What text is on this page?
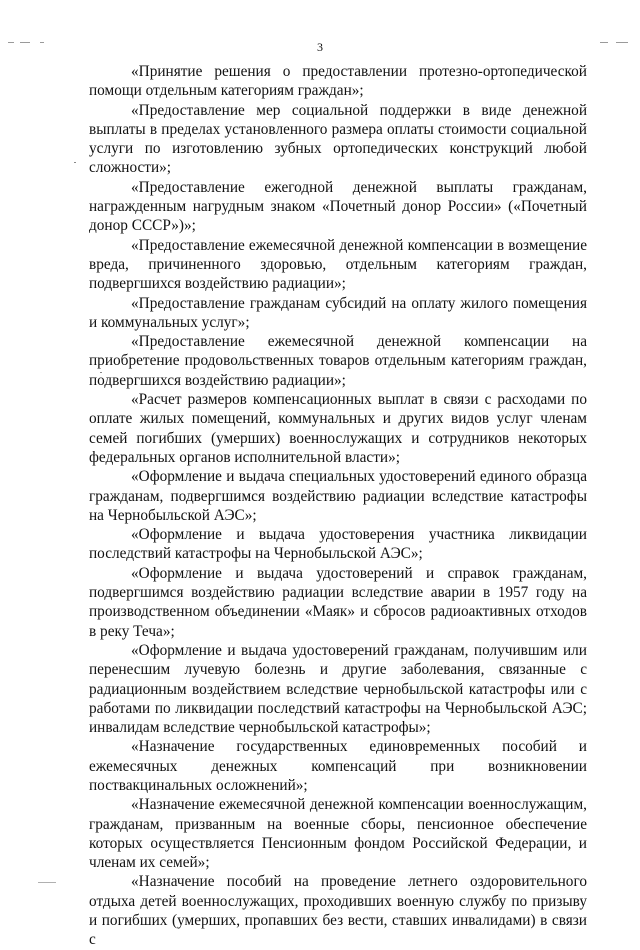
3

«Принятие решения о предоставлении протезно-ортопедической помощи отдельным категориям граждан»;

«Предоставление мер социальной поддержки в виде денежной выплаты в пределах установленного размера оплаты стоимости социальной услуги по изготовлению зубных ортопедических конструкций любой сложности»;

«Предоставление ежегодной денежной выплаты гражданам, награжденным нагрудным знаком «Почетный донор России» («Почетный донор СССР»)»;

«Предоставление ежемесячной денежной компенсации в возмещение вреда, причиненного здоровью, отдельным категориям граждан, подвергшихся воздействию радиации»;

«Предоставление гражданам субсидий на оплату жилого помещения и коммунальных услуг»;

«Предоставление ежемесячной денежной компенсации на приобретение продовольственных товаров отдельным категориям граждан, подвергшихся воздействию радиации»;

«Расчет размеров компенсационных выплат в связи с расходами по оплате жилых помещений, коммунальных и других видов услуг членам семей погибших (умерших) военнослужащих и сотрудников некоторых федеральных органов исполнительной власти»;

«Оформление и выдача специальных удостоверений единого образца гражданам, подвергшимся воздействию радиации вследствие катастрофы на Чернобыльской АЭС»;

«Оформление и выдача удостоверения участника ликвидации последствий катастрофы на Чернобыльской АЭС»;

«Оформление и выдача удостоверений и справок гражданам, подвергшимся воздействию радиации вследствие аварии в 1957 году на производственном объединении «Маяк» и сбросов радиоактивных отходов в реку Теча»;

«Оформление и выдача удостоверений гражданам, получившим или перенесшим лучевую болезнь и другие заболевания, связанные с радиационным воздействием вследствие чернобыльской катастрофы или с работами по ликвидации последствий катастрофы на Чернобыльской АЭС; инвалидам вследствие чернобыльской катастрофы»;

«Назначение государственных единовременных пособий и ежемесячных денежных компенсаций при возникновении поствакцинальных осложнений»;

«Назначение ежемесячной денежной компенсации военнослужащим, гражданам, призванным на военные сборы, пенсионное обеспечение которых осуществляется Пенсионным фондом Российской Федерации, и членам их семей»;

«Назначение пособий на проведение летнего оздоровительного отдыха детей военнослужащих, проходивших военную службу по призыву и погибших (умерших, пропавших без вести, ставших инвалидами) в связи с
